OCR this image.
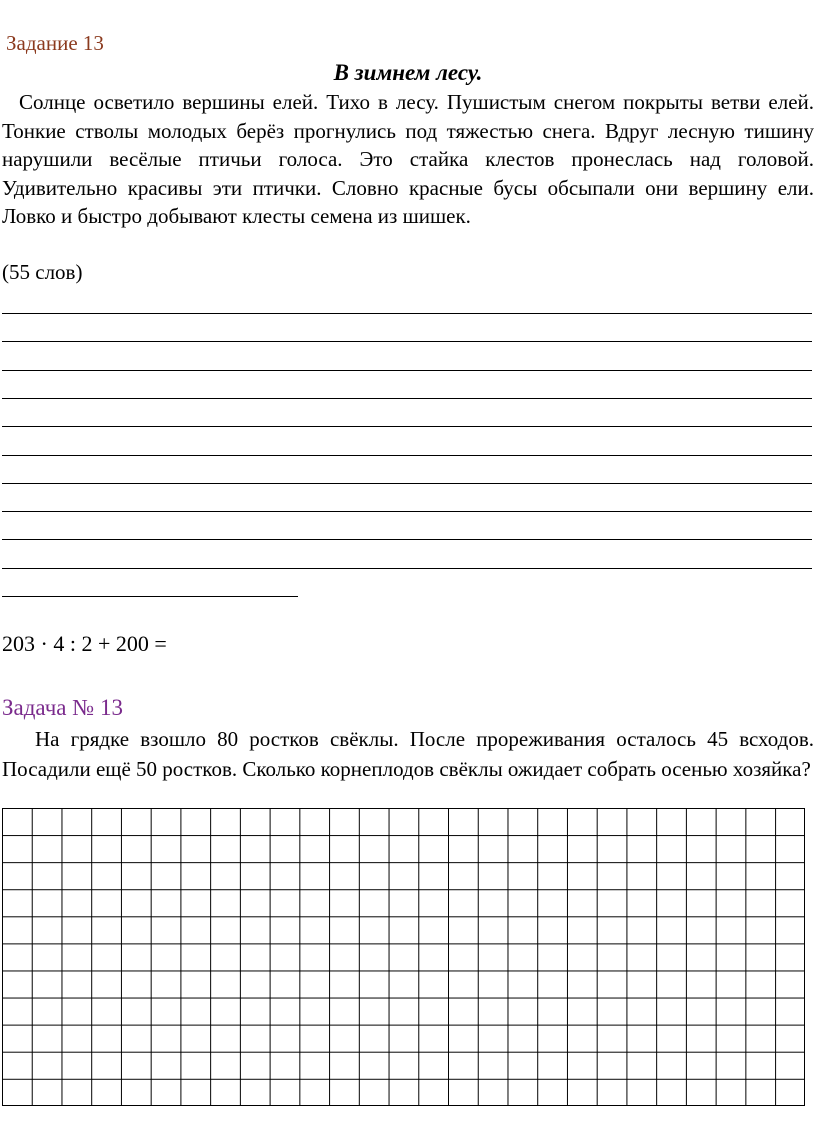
Задание 13
В зимнем лесу.

Солнце осветило вершины елей. Тихо в лесу. Пушистым снегом покрыты ветви елей. Тонкие стволы молодых берёз прогнулись под тяжестью снега. Вдруг лесную тишину нарушили весёлые птичьи голоса. Это стайка клестов пронеслась над головой. Удивительно красивы эти птички. Словно красные бусы обсыпали они вершину ели. Ловко и быстро добывают клесты семена из шишек.

(55 слов)
203 · 4 : 2 + 200 =
Задача № 13

На грядке взошло 80 ростков свёклы. После прореживания осталось 45 всходов. Посадили ещё 50 ростков. Сколько корнеплодов свёклы ожидает собрать осенью хозяйка?
